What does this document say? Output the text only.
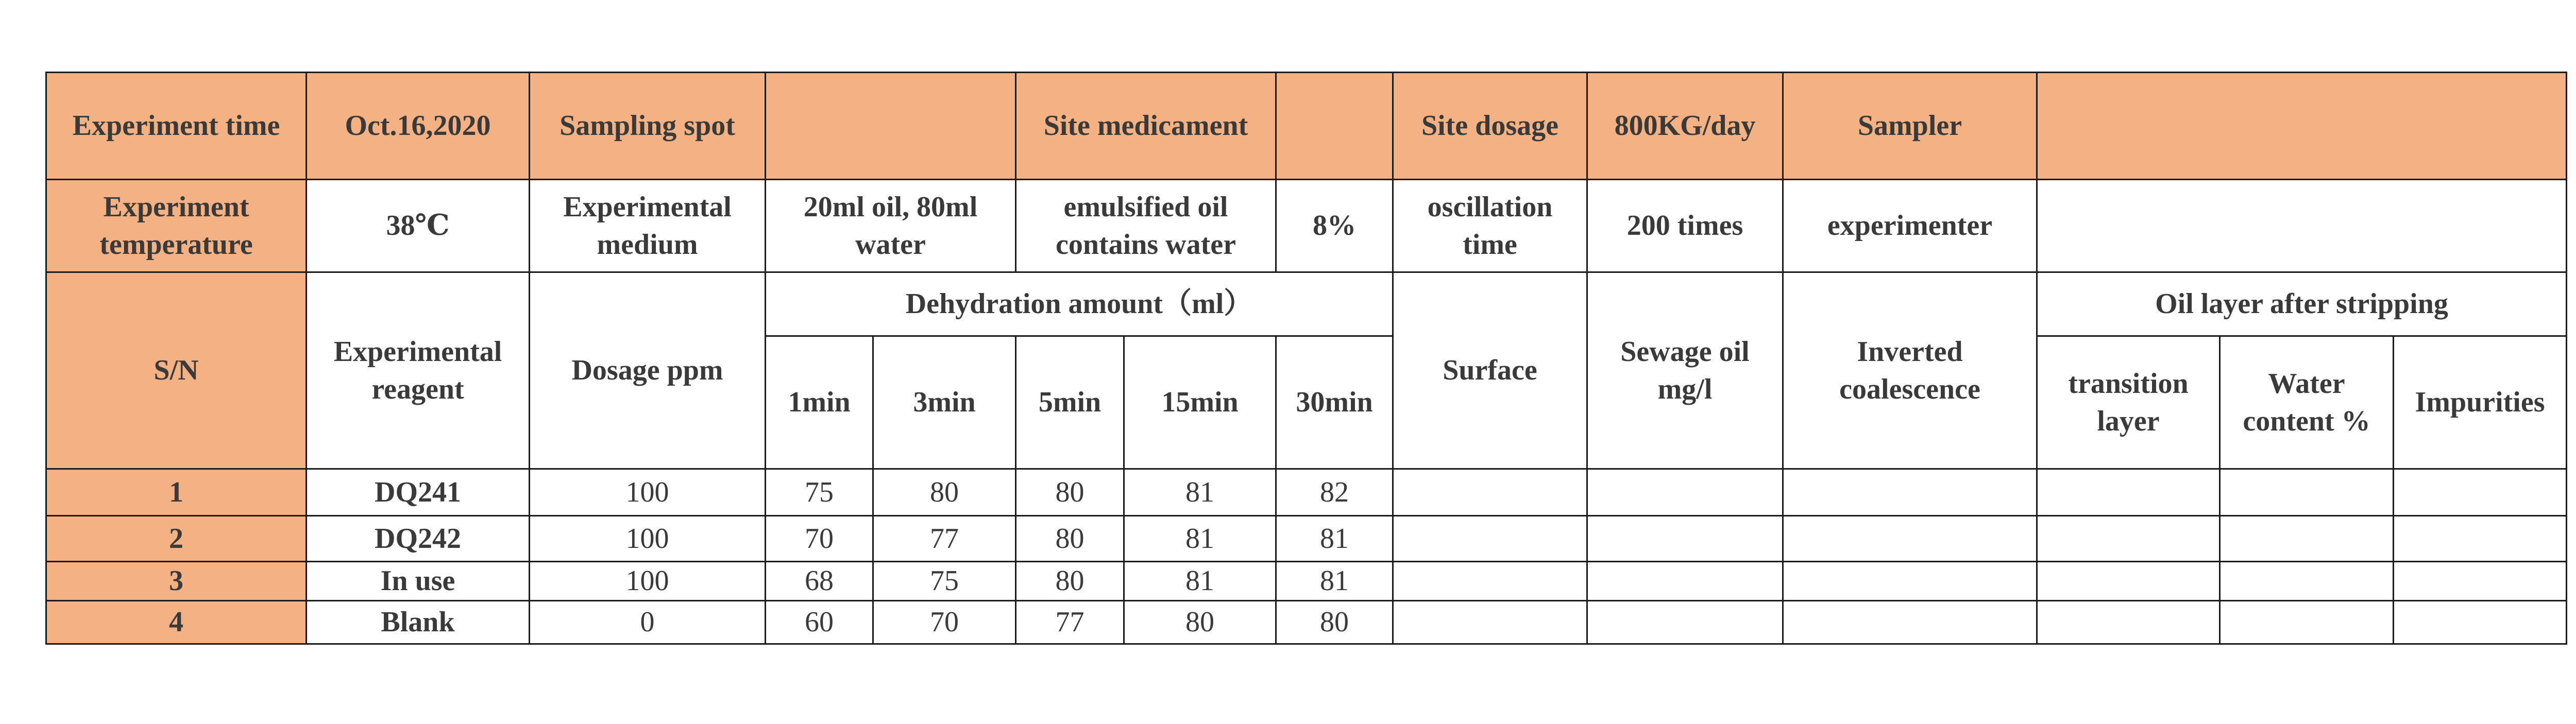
Experiment time	Oct.16,2020	Sampling spot			Site medicament			Site dosage	800KG/day	Sampler			
Experiment temperature	38℃	Experimental medium	20ml oil, 80ml water		emulsified oil contains water		8%	oscillation time	200 times	experimenter			
S/N	Experimental reagent	Dosage ppm	Dehydration amount（ml）					Surface	Sewage oil mg/l	Inverted coalescence	Oil layer after stripping		
			1min	3min	5min	15min	30min				transition layer	Water content %	Impurities
1	DQ241	100	75	80	80	81	82						
2	DQ242	100	70	77	80	81	81						
3	In use	100	68	75	80	81	81						
4	Blank	0	60	70	77	80	80						
